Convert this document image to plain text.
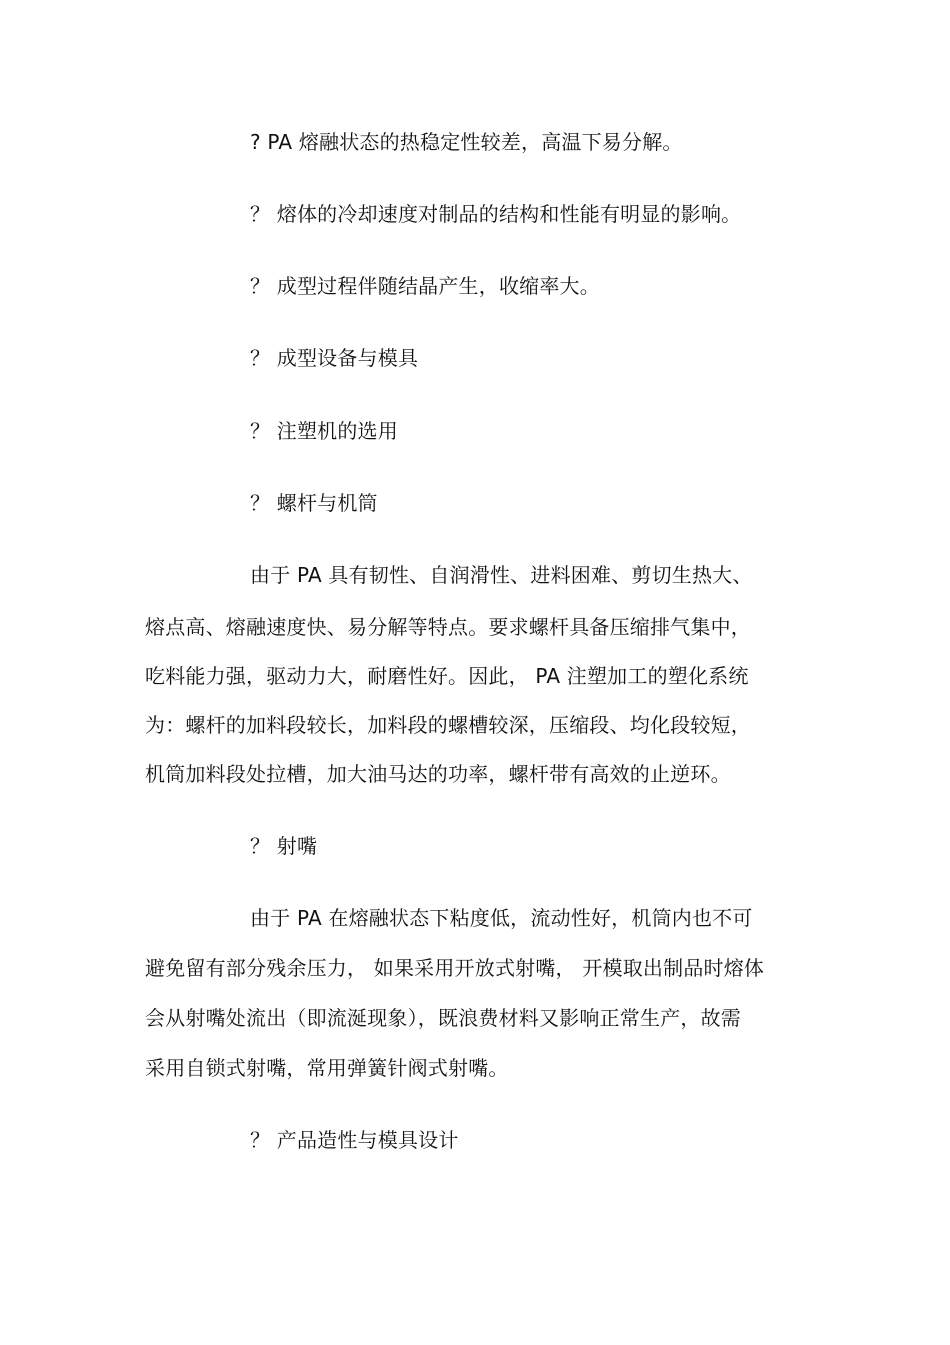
? PA 熔融状态的热稳定性较差，高温下易分解。

？ 熔体的冷却速度对制品的结构和性能有明显的影响。

？ 成型过程伴随结晶产生，收缩率大。

？ 成型设备与模具

？ 注塑机的选用

？ 螺杆与机筒

由于 PA 具有韧性、自润滑性、进料困难、剪切生热大、

熔点高、熔融速度快、易分解等特点。要求螺杆具备压缩排气集中，

吃料能力强，驱动力大，耐磨性好。因此， PA 注塑加工的塑化系统

为：螺杆的加料段较长，加料段的螺槽较深，压缩段、均化段较短，

机筒加料段处拉槽，加大油马达的功率，螺杆带有高效的止逆环。

？ 射嘴

由于 PA 在熔融状态下粘度低，流动性好，机筒内也不可

避免留有部分残余压力， 如果采用开放式射嘴， 开模取出制品时熔体

会从射嘴处流出（即流涎现象），既浪费材料又影响正常生产，故需

采用自锁式射嘴，常用弹簧针阀式射嘴。

？ 产品造性与模具设计
